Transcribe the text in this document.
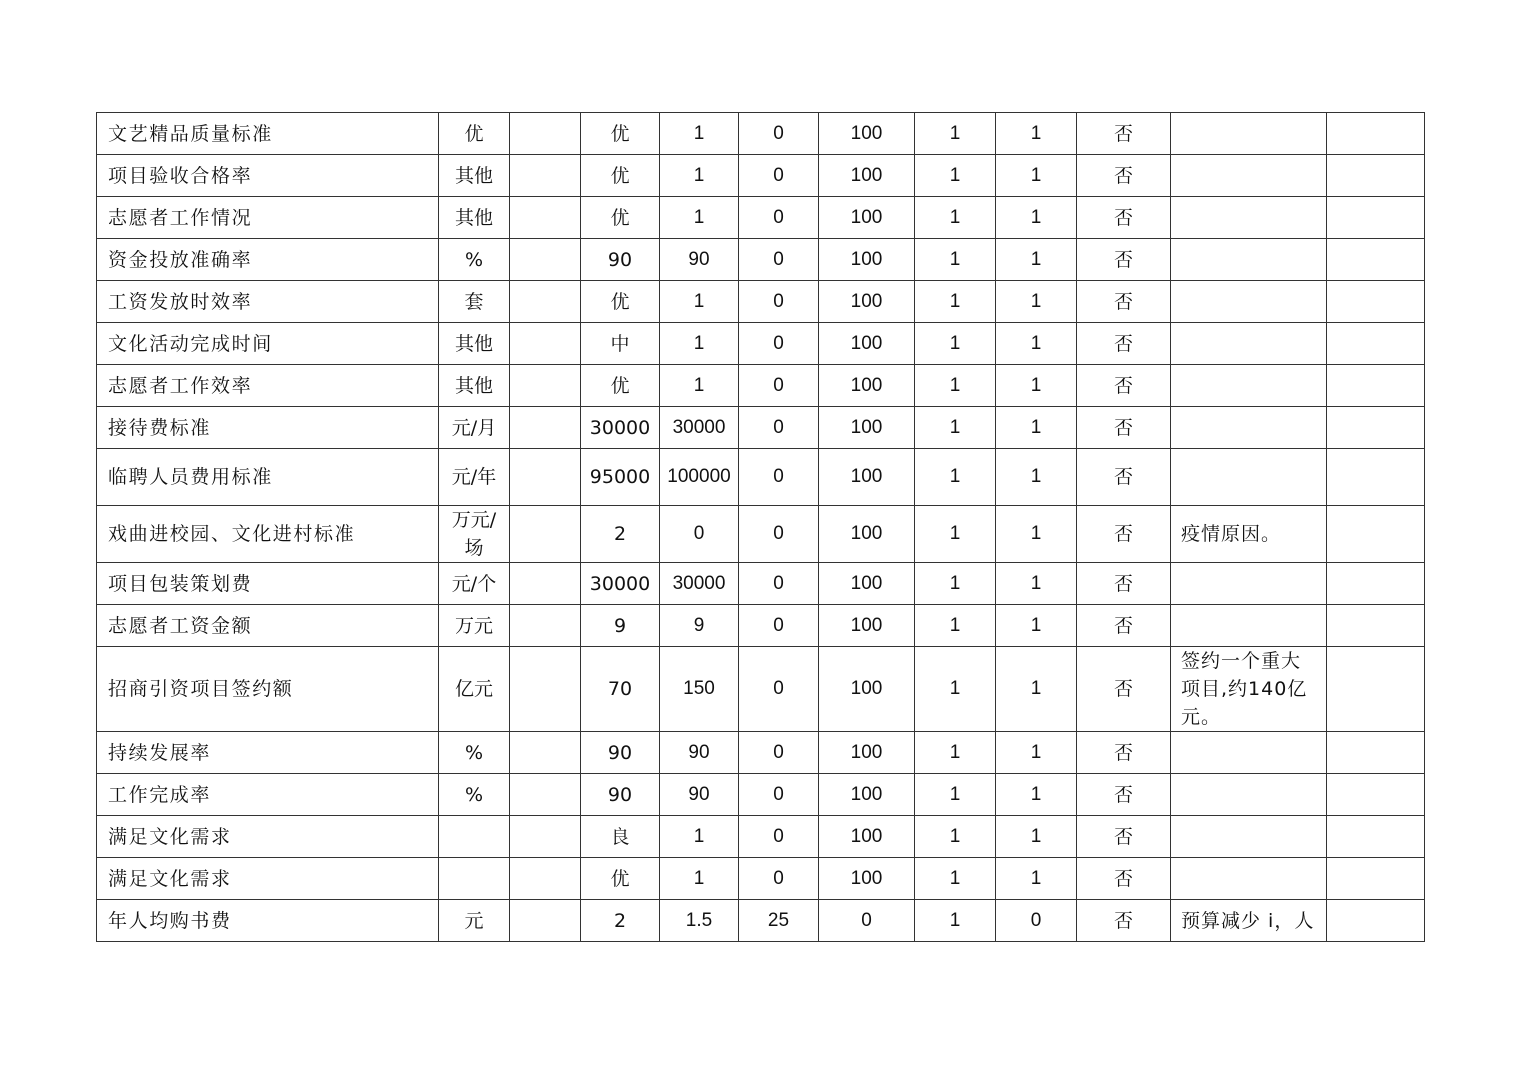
文艺精品质量标准	优		优	1	0	100	1	1	否		
项目验收合格率	其他		优	1	0	100	1	1	否		
志愿者工作情况	其他		优	1	0	100	1	1	否		
资金投放准确率	%		90	90	0	100	1	1	否		
工资发放时效率	套		优	1	0	100	1	1	否		
文化活动完成时间	其他		中	1	0	100	1	1	否		
志愿者工作效率	其他		优	1	0	100	1	1	否		
接待费标准	元/月		30000	30000	0	100	1	1	否		
临聘人员费用标准	元/年		95000	100000	0	100	1	1	否		
戏曲进校园、文化进村标准	万元/场		2	0	0	100	1	1	否	疫情原因。	
项目包装策划费	元/个		30000	30000	0	100	1	1	否		
志愿者工资金额	万元		9	9	0	100	1	1	否		
招商引资项目签约额	亿元		70	150	0	100	1	1	否	签约一个重大项目,约140亿元。	
持续发展率	%		90	90	0	100	1	1	否		
工作完成率	%		90	90	0	100	1	1	否		
满足文化需求			良	1	0	100	1	1	否		
满足文化需求			优	1	0	100	1	1	否		
年人均购书费	元		2	1.5	25	0	1	0	否	预算减少 i，人	
